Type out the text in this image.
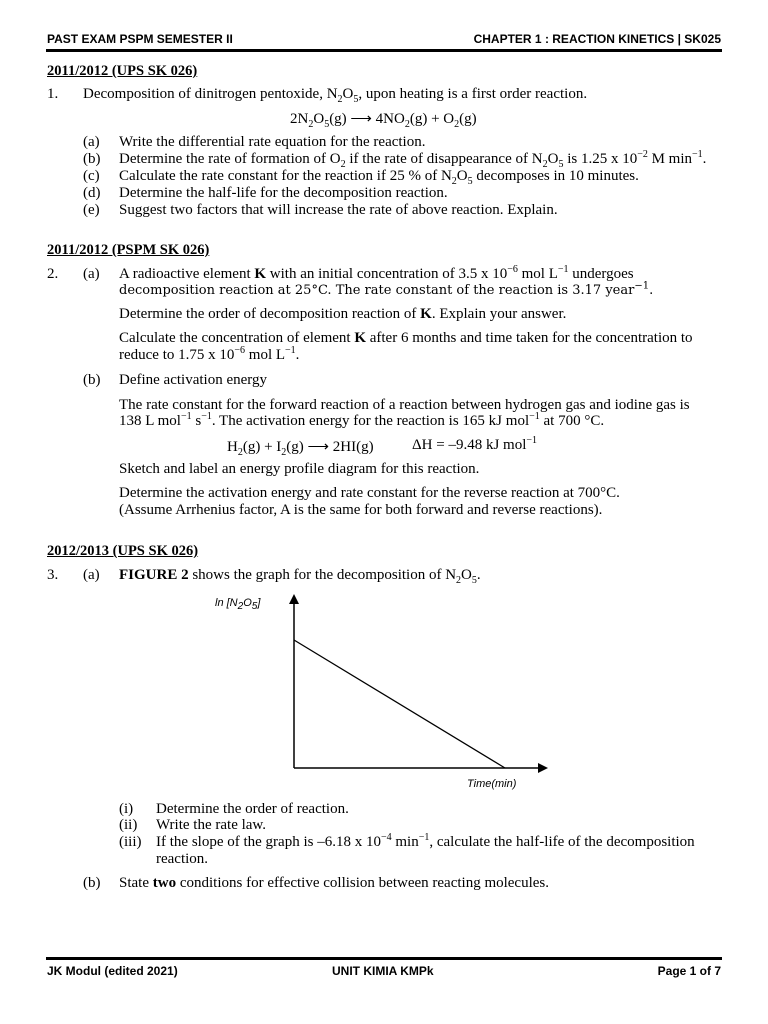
PAST EXAM PSPM SEMESTER II	CHAPTER 1 : REACTION KINETICS | SK025
2011/2012 (UPS SK 026)
1. Decomposition of dinitrogen pentoxide, $N_2O_5$, upon heating is a first order reaction.
$2N_2O_5(g)$ ⟶ $4NO_2(g) + O_2(g)$
(a) Write the differential rate equation for the reaction.
(b) Determine the rate of formation of $O_2$ if the rate of disappearance of $N_2O_5$ is 1.25 x $10^{-2}$ M $\min^{-1}$.
(c) Calculate the rate constant for the reaction if 25 % of $N_2O_5$ decomposes in 10 minutes.
(d) Determine the half-life for the decomposition reaction.
(e) Suggest two factors that will increase the rate of above reaction. Explain.
2011/2012 (PSPM SK 026)
2. (a) A radioactive element K with an initial concentration of 3.5 x $10^{-6}$ mol $L^{-1}$ undergoes
decomposition reaction at 25°C. The rate constant of the reaction is 3.17 year$^{-1}$.
Determine the order of decomposition reaction of K. Explain your answer.
Calculate the concentration of element K after 6 months and time taken for the concentration to
reduce to 1.75 x $10^{-6}$ mol $L^{-1}$.
(b) Define activation energy
The rate constant for the forward reaction of a reaction between hydrogen gas and iodine gas is
138 L mol$^{-1}$ $s^{-1}$. The activation energy for the reaction is 165 kJ mol$^{-1}$ at 700 °C.
$H_2(g) + I_2(g)$ ⟶ 2HI(g)	ΔH = –9.48 kJ mol$^{-1}$
Sketch and label an energy profile diagram for this reaction.
Determine the activation energy and rate constant for the reverse reaction at 700°C.
(Assume Arrhenius factor, A is the same for both forward and reverse reactions).
2012/2013 (UPS SK 026)
3. (a) FIGURE 2 shows the graph for the decomposition of $N_2O_5$.
$\ln [N_2O_5]$
Time(min)
(i) Determine the order of reaction.
(ii) Write the rate law.
(iii) If the slope of the graph is –6.18 x $10^{-4}$ $\min^{-1}$, calculate the half-life of the decomposition
reaction.
(b) State two conditions for effective collision between reacting molecules.
JK Modul (edited 2021)	UNIT KIMIA KMPk	Page 1 of 7
